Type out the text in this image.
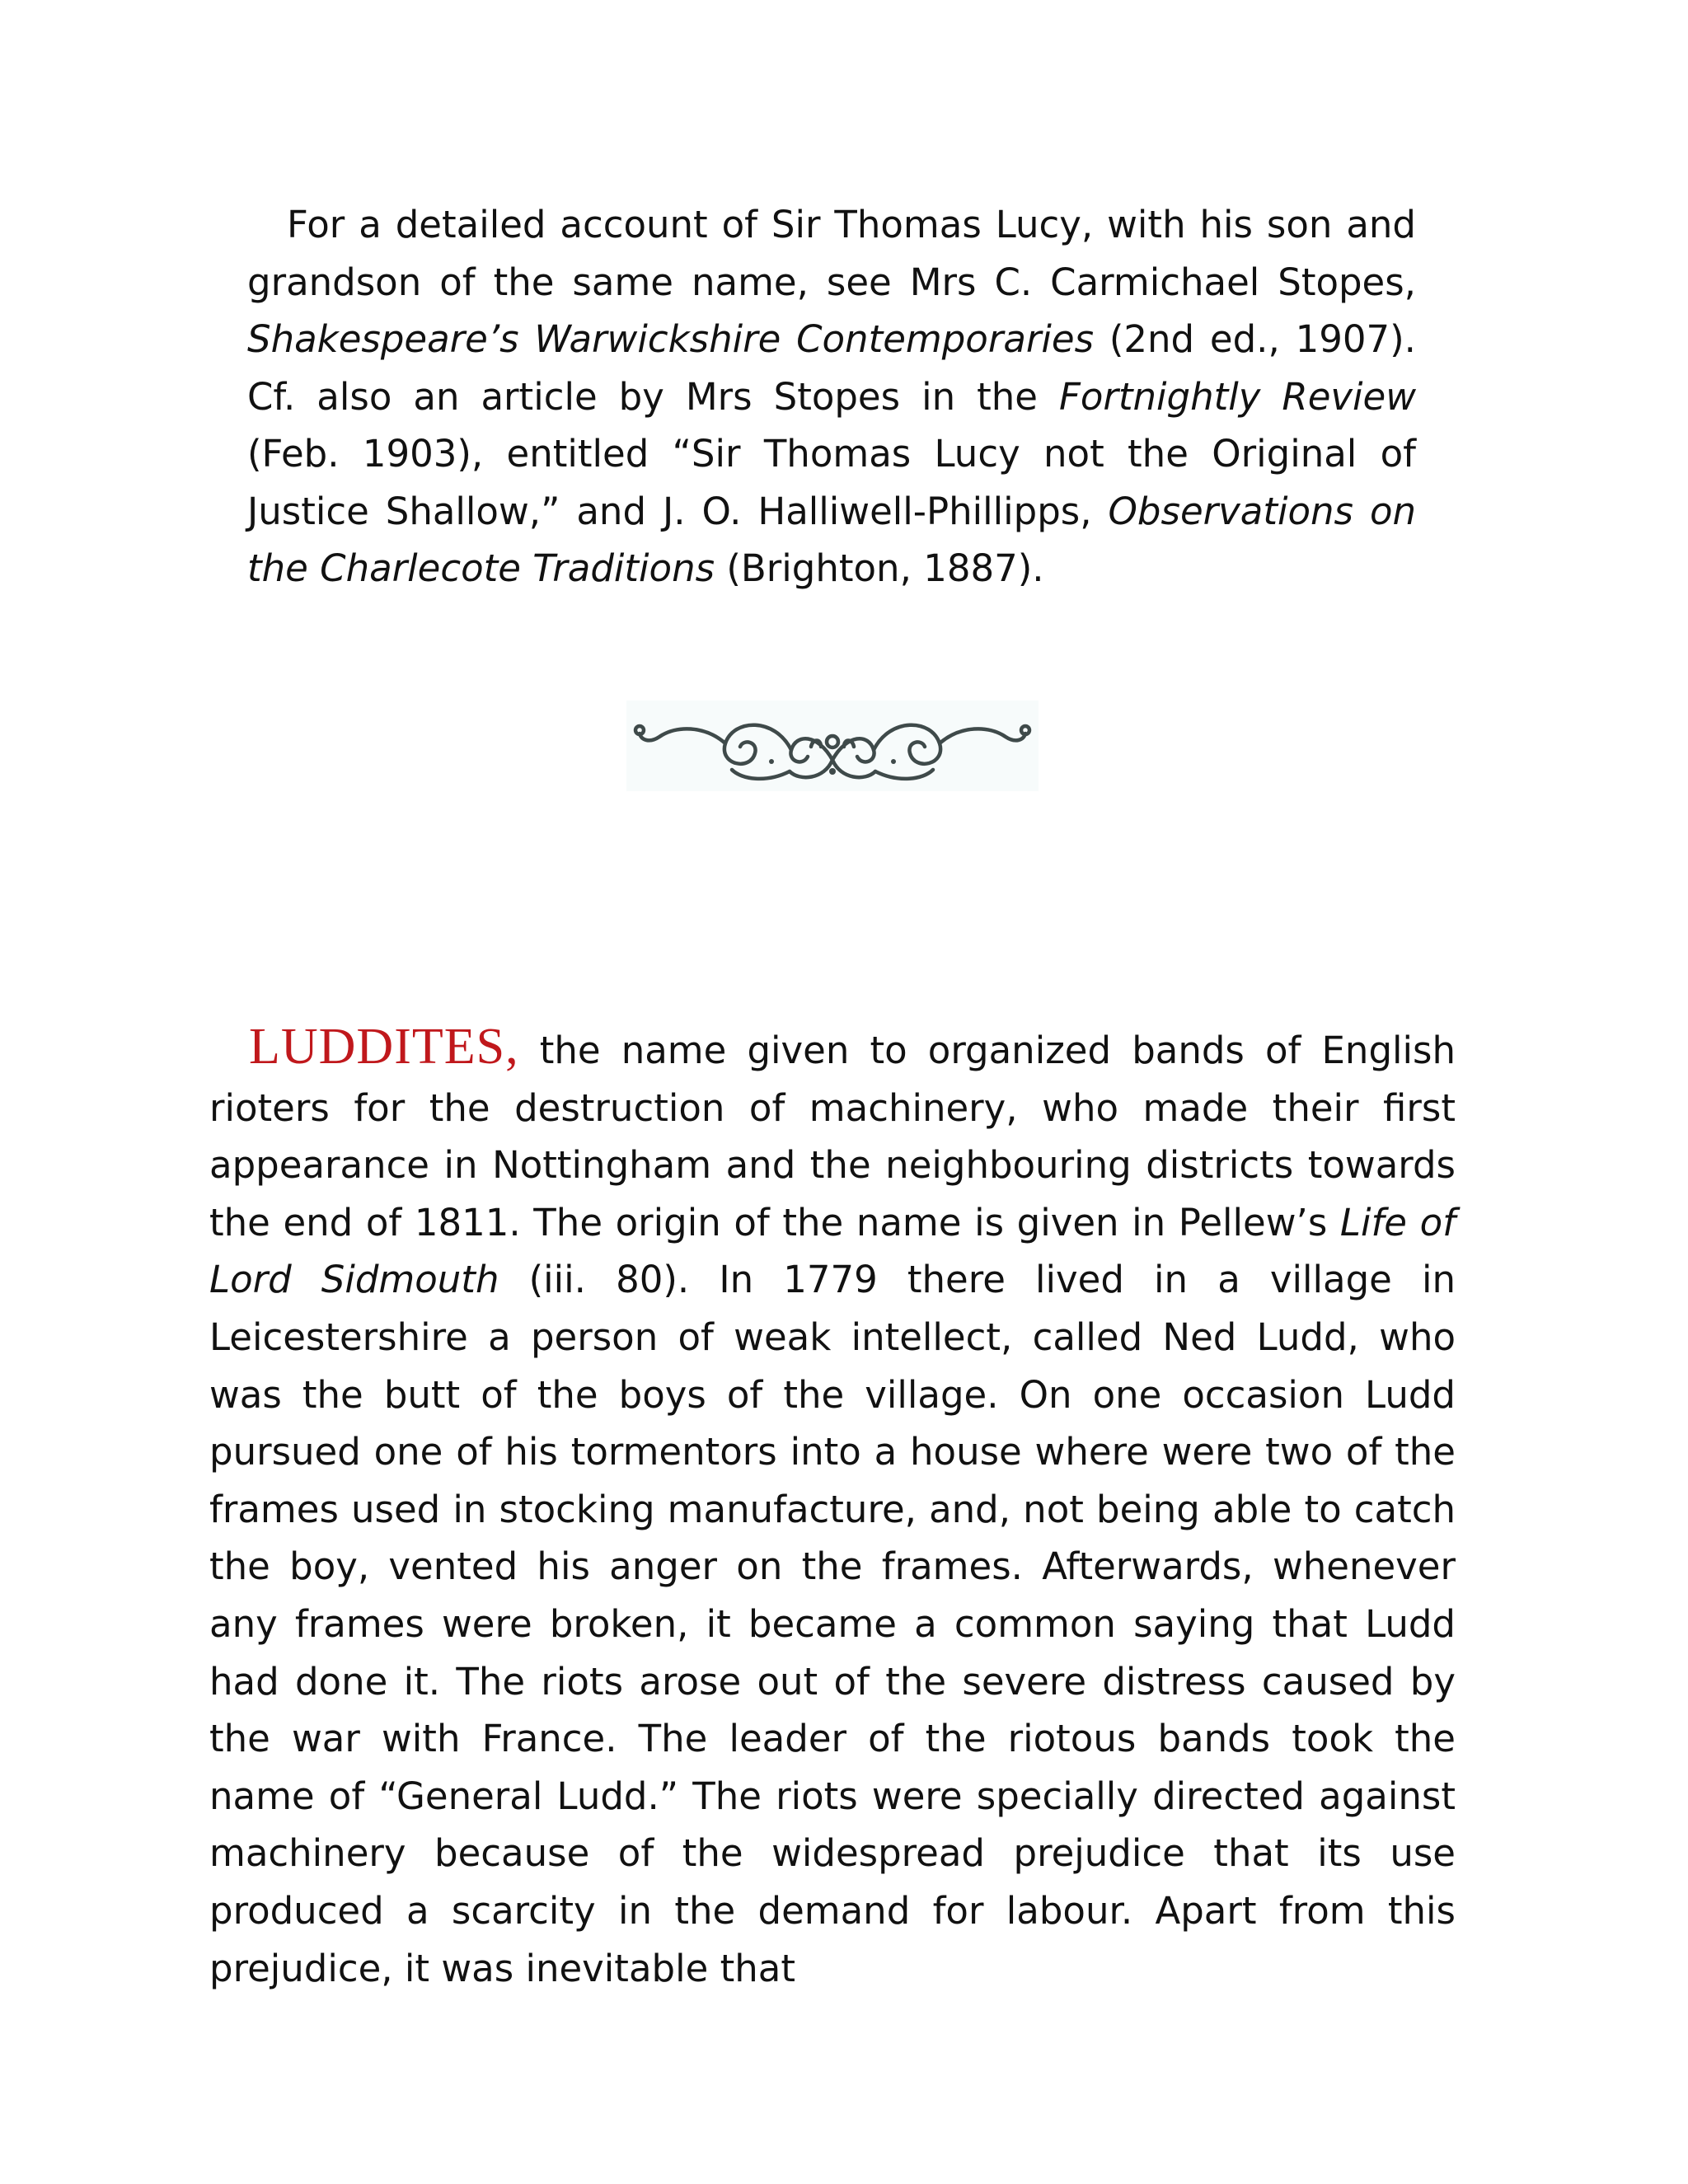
For a detailed account of Sir Thomas Lucy, with his son and grandson of the same name, see Mrs C. Carmichael Stopes, Shakespeare’s Warwickshire Contemporaries (2nd ed., 1907). Cf. also an article by Mrs Stopes in the Fortnightly Review (Feb. 1903), entitled “Sir Thomas Lucy not the Original of Justice Shallow,” and J. O. Halliwell-Phillipps, Observations on the Charlecote Traditions (Brighton, 1887).

LUDDITES, the name given to organized bands of English rioters for the destruction of machinery, who made their first appearance in Nottingham and the neighbouring districts towards the end of 1811. The origin of the name is given in Pellew’s Life of Lord Sidmouth (iii. 80). In 1779 there lived in a village in Leicestershire a person of weak intellect, called Ned Ludd, who was the butt of the boys of the village. On one occasion Ludd pursued one of his tormentors into a house where were two of the frames used in stocking manufacture, and, not being able to catch the boy, vented his anger on the frames. Afterwards, whenever any frames were broken, it became a common saying that Ludd had done it. The riots arose out of the severe distress caused by the war with France. The leader of the riotous bands took the name of “General Ludd.” The riots were specially directed against machinery because of the widespread prejudice that its use produced a scarcity in the demand for labour. Apart from this prejudice, it was inevitable that
